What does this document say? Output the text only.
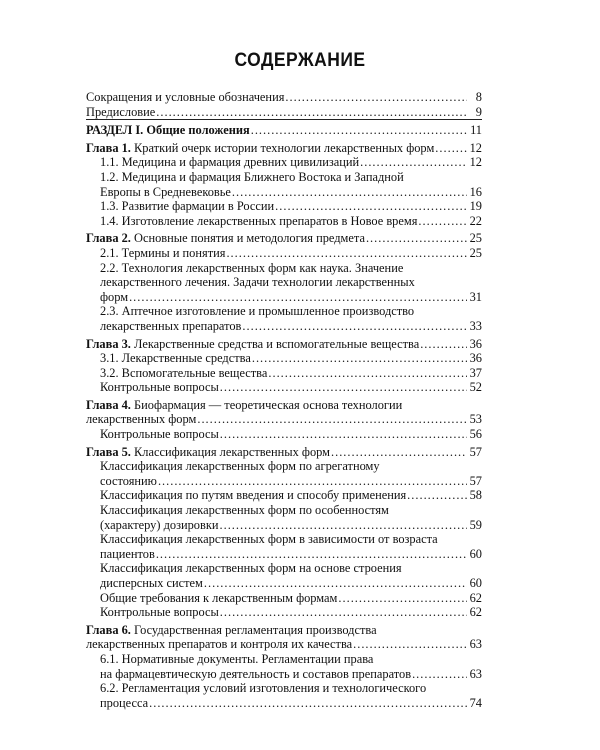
СОДЕРЖАНИЕ
Сокращения и условные обозначения .....	8
Предисловие .....	9
РАЗДЕЛ I. Общие положения .....	11
Глава 1. Краткий очерк истории технологии лекарственных форм .....	12
1.1. Медицина и фармация древних цивилизаций .....	12
1.2. Медицина и фармация Ближнего Востока и Западной
Европы в Средневековье .....	16
1.3. Развитие фармации в России .....	19
1.4. Изготовление лекарственных препаратов в Новое время .....	22
Глава 2. Основные понятия и методология предмета .....	25
2.1. Термины и понятия .....	25
2.2. Технология лекарственных форм как наука. Значение
лекарственного лечения. Задачи технологии лекарственных
форм .....	31
2.3. Аптечное изготовление и промышленное производство
лекарственных препаратов .....	33
Глава 3. Лекарственные средства и вспомогательные вещества .....	36
3.1. Лекарственные средства .....	36
3.2. Вспомогательные вещества .....	37
Контрольные вопросы .....	52
Глава 4. Биофармация — теоретическая основа технологии
лекарственных форм .....	53
Контрольные вопросы .....	56
Глава 5. Классификация лекарственных форм .....	57
Классификация лекарственных форм по агрегатному
состоянию .....	57
Классификация по путям введения и способу применения .....	58
Классификация лекарственных форм по особенностям
(характеру) дозировки .....	59
Классификация лекарственных форм в зависимости от возраста
пациентов .....	60
Классификация лекарственных форм на основе строения
дисперсных систем .....	60
Общие требования к лекарственным формам .....	62
Контрольные вопросы .....	62
Глава 6. Государственная регламентация производства
лекарственных препаратов и контроля их качества .....	63
6.1. Нормативные документы. Регламентации права
на фармацевтическую деятельность и составов препаратов .....	63
6.2. Регламентация условий изготовления и технологического
процесса .....	74
